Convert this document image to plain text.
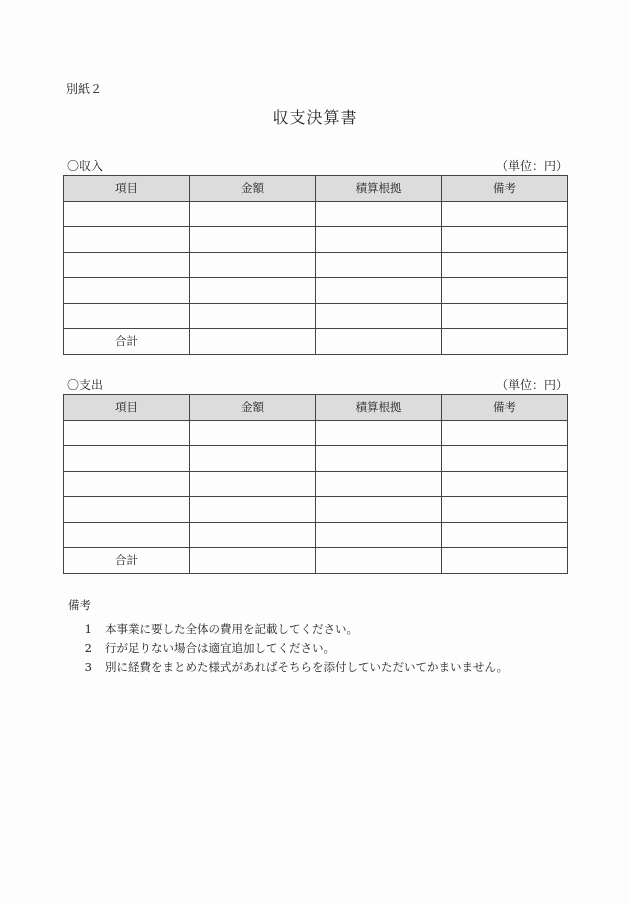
別紙２
収支決算書
〇収入	（単位：円）
項目	金額	積算根拠	備考

合計			
〇支出	（単位：円）
項目	金額	積算根拠	備考

合計			
備考
1 本事業に要した全体の費用を記載してください。
2 行が足りない場合は適宜追加してください。
3 別に経費をまとめた様式があればそちらを添付していただいてかまいません。
